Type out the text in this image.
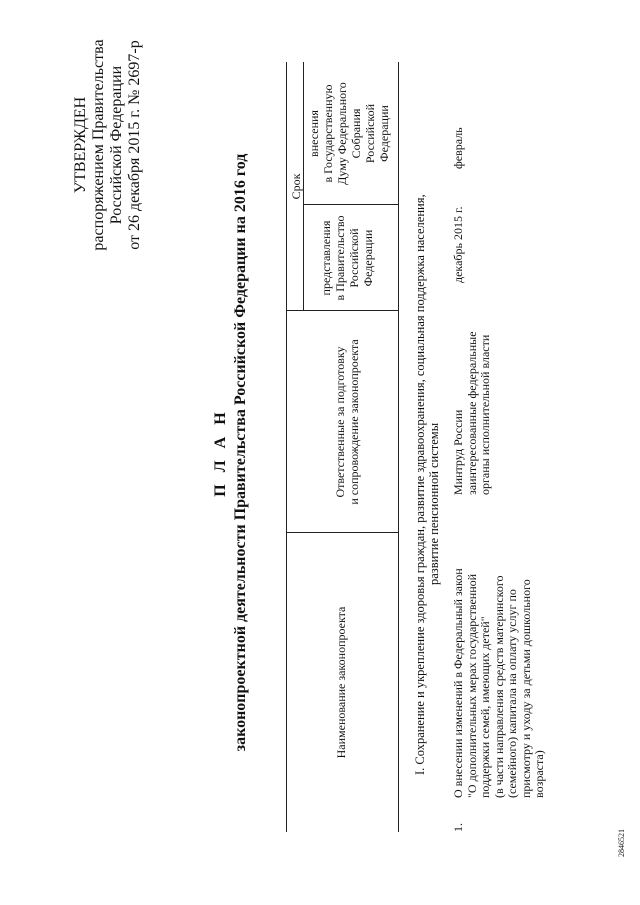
УТВЕРЖДЕН распоряжением Правительства Российской Федерации от 26 декабря 2015 г. № 2697-р
П Л А Н законопроектной деятельности Правительства Российской Федерации на 2016 год	Наименование законопроекта
Ответственные за подготовку и сопровождение законопроекта
Срок
представления в Правительство Российской Федерации
внесения в Государственную Думу Федерального Собрания Российской Федерации
I. Сохранение и укрепление здоровья граждан, развитие здравоохранения, социальная поддержка населения, развитие пенсионной системы
1.
О внесении изменений в Федеральный закон "О дополнительных мерах государственной поддержки семей, имеющих детей" (в части направления средств материнского (семейного) капитала на оплату услуг по присмотру и уходу за детьми дошкольного возраста)
Минтруд России заинтересованные федеральные органы исполнительной власти
декабрь 2015 г.
февраль
2846521
